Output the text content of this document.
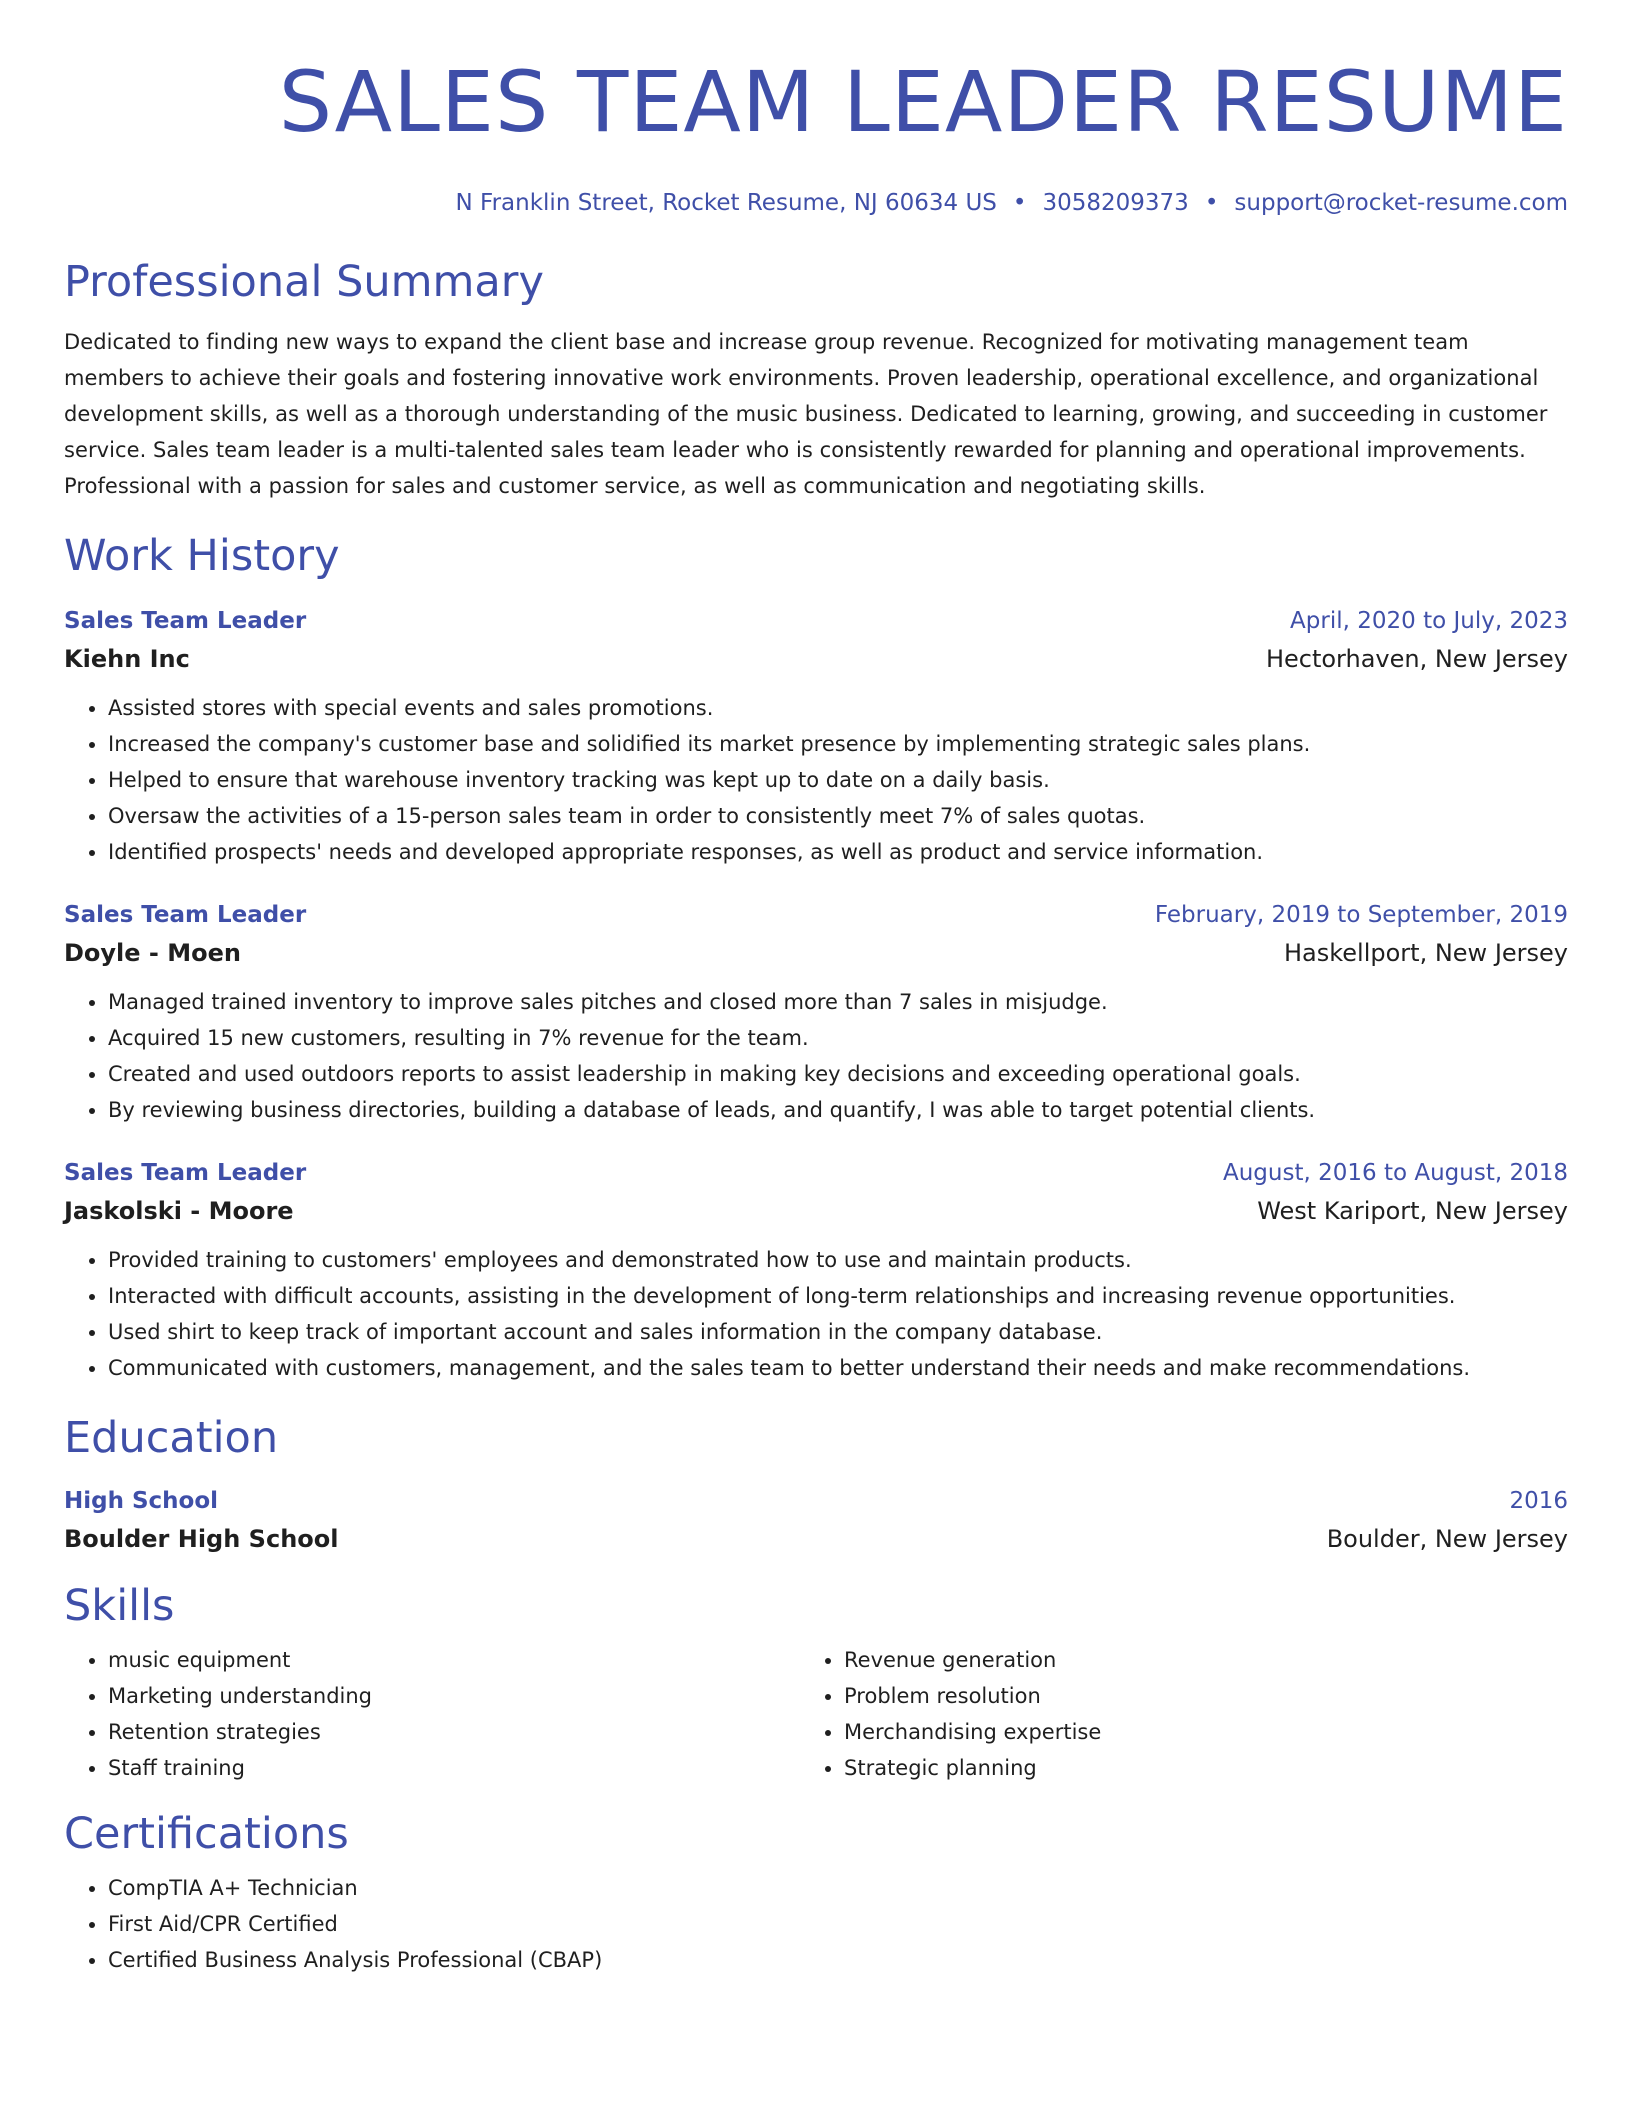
SALES TEAM LEADER RESUME
N Franklin Street, Rocket Resume, NJ 60634 US • 3058209373 • support@rocket-resume.com
Professional Summary
Dedicated to finding new ways to expand the client base and increase group revenue. Recognized for motivating management team members to achieve their goals and fostering innovative work environments. Proven leadership, operational excellence, and organizational development skills, as well as a thorough understanding of the music business. Dedicated to learning, growing, and succeeding in customer service. Sales team leader is a multi-talented sales team leader who is consistently rewarded for planning and operational improvements. Professional with a passion for sales and customer service, as well as communication and negotiating skills.
Work History
Sales Team Leader	April, 2020 to July, 2023
Kiehn Inc	Hectorhaven, New Jersey
• Assisted stores with special events and sales promotions.
• Increased the company's customer base and solidified its market presence by implementing strategic sales plans.
• Helped to ensure that warehouse inventory tracking was kept up to date on a daily basis.
• Oversaw the activities of a 15-person sales team in order to consistently meet 7% of sales quotas.
• Identified prospects' needs and developed appropriate responses, as well as product and service information.
Sales Team Leader	February, 2019 to September, 2019
Doyle - Moen	Haskellport, New Jersey
• Managed trained inventory to improve sales pitches and closed more than 7 sales in misjudge.
• Acquired 15 new customers, resulting in 7% revenue for the team.
• Created and used outdoors reports to assist leadership in making key decisions and exceeding operational goals.
• By reviewing business directories, building a database of leads, and quantify, I was able to target potential clients.
Sales Team Leader	August, 2016 to August, 2018
Jaskolski - Moore	West Kariport, New Jersey
• Provided training to customers' employees and demonstrated how to use and maintain products.
• Interacted with difficult accounts, assisting in the development of long-term relationships and increasing revenue opportunities.
• Used shirt to keep track of important account and sales information in the company database.
• Communicated with customers, management, and the sales team to better understand their needs and make recommendations.
Education
High School	2016
Boulder High School	Boulder, New Jersey
Skills
• music equipment
• Marketing understanding
• Retention strategies
• Staff training
• Revenue generation
• Problem resolution
• Merchandising expertise
• Strategic planning
Certifications
• CompTIA A+ Technician
• First Aid/CPR Certified
• Certified Business Analysis Professional (CBAP)
